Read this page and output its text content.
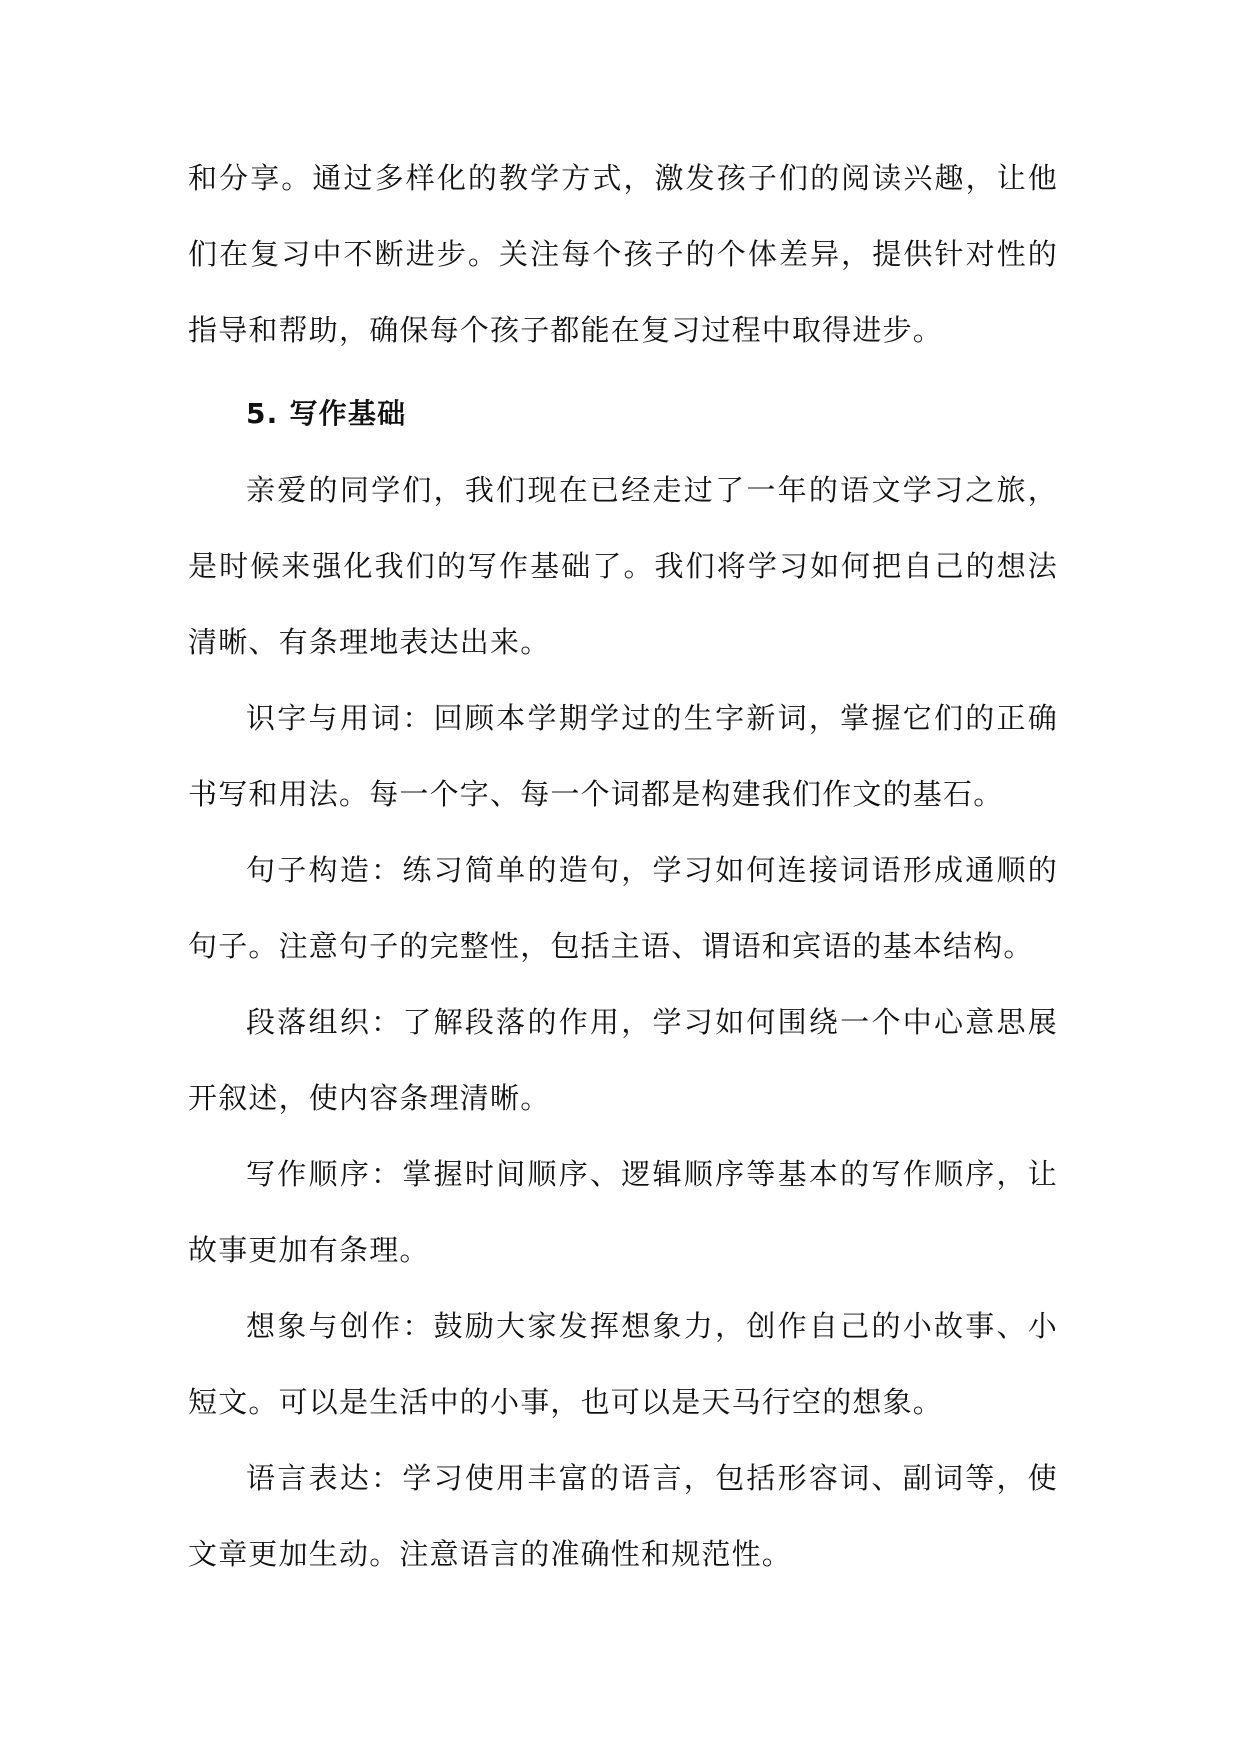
和分享。通过多样化的教学方式，激发孩子们的阅读兴趣，让他们在复习中不断进步。关注每个孩子的个体差异，提供针对性的指导和帮助，确保每个孩子都能在复习过程中取得进步。

5. 写作基础

亲爱的同学们，我们现在已经走过了一年的语文学习之旅，是时候来强化我们的写作基础了。我们将学习如何把自己的想法清晰、有条理地表达出来。

识字与用词：回顾本学期学过的生字新词，掌握它们的正确书写和用法。每一个字、每一个词都是构建我们作文的基石。

句子构造：练习简单的造句，学习如何连接词语形成通顺的句子。注意句子的完整性，包括主语、谓语和宾语的基本结构。

段落组织：了解段落的作用，学习如何围绕一个中心意思展开叙述，使内容条理清晰。

写作顺序：掌握时间顺序、逻辑顺序等基本的写作顺序，让故事更加有条理。

想象与创作：鼓励大家发挥想象力，创作自己的小故事、小短文。可以是生活中的小事，也可以是天马行空的想象。

语言表达：学习使用丰富的语言，包括形容词、副词等，使文章更加生动。注意语言的准确性和规范性。
